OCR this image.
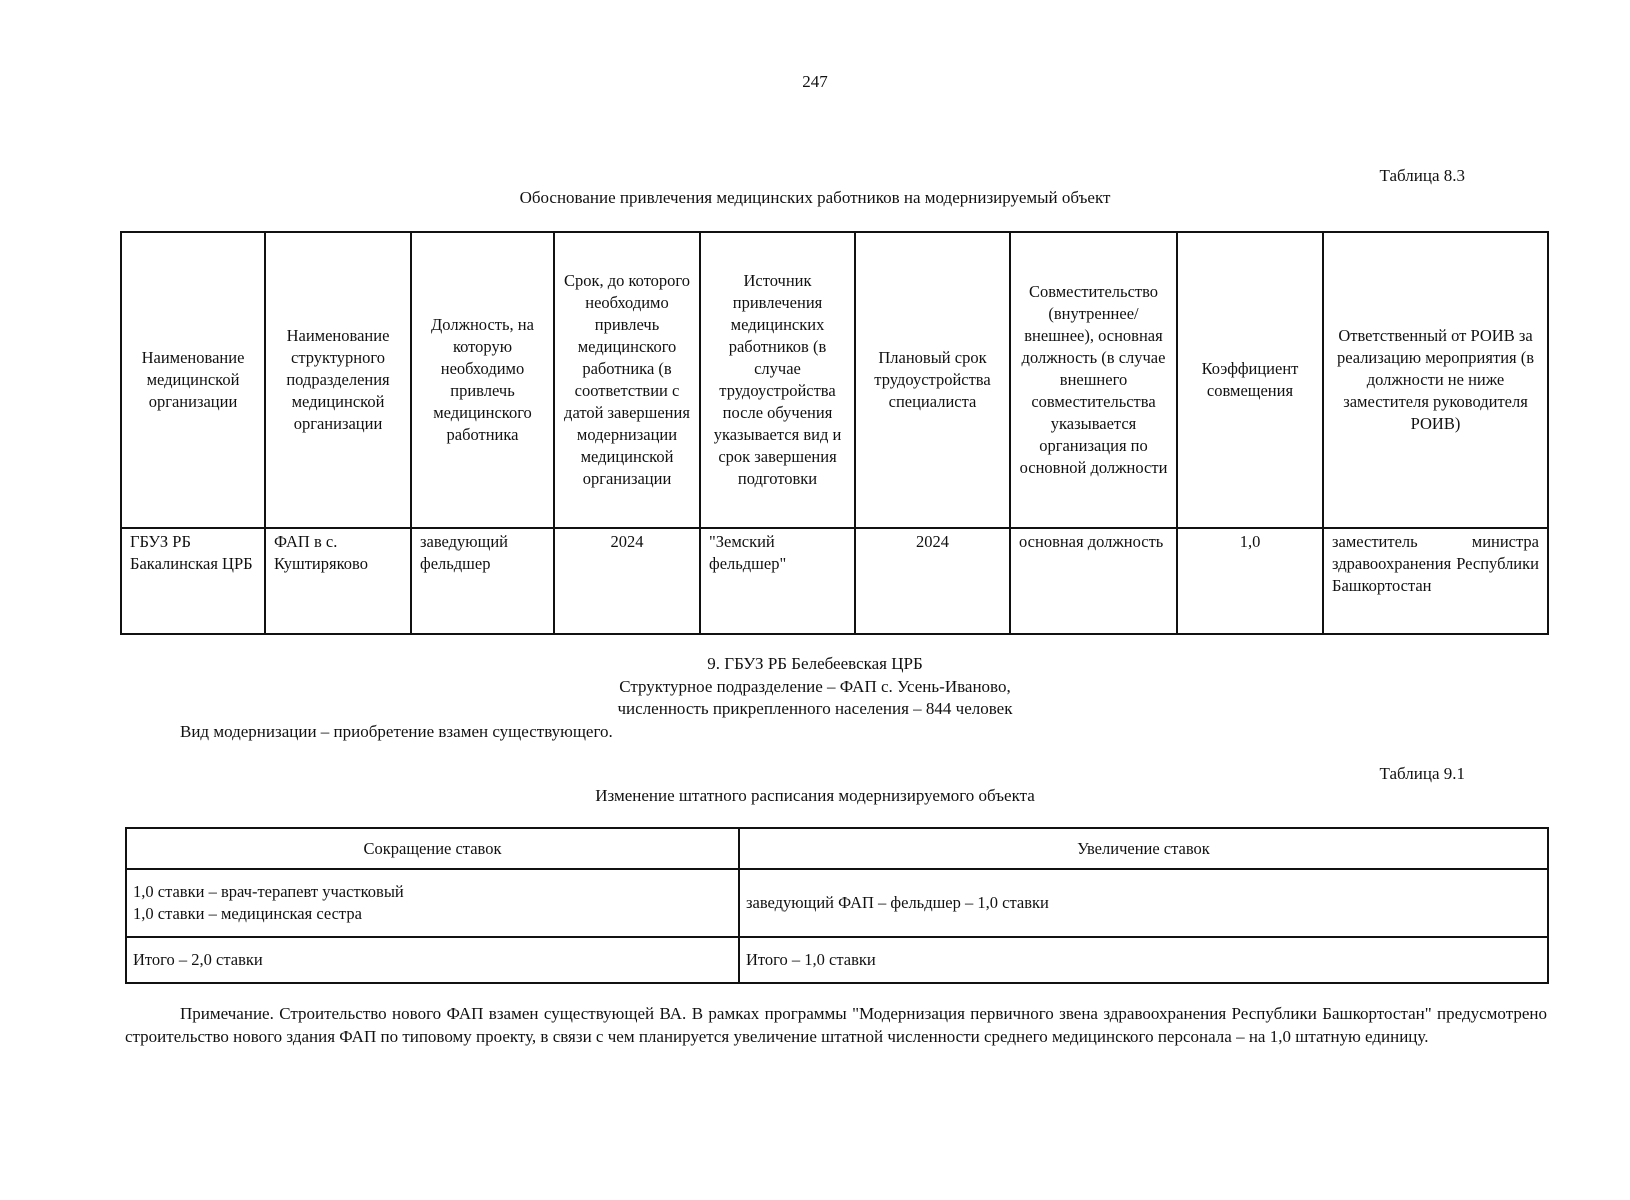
247
Таблица 8.3
Обоснование привлечения медицинских работников на модернизируемый объект
Наименование медицинской организации	Наименование структурного подразделения медицинской организации	Должность, на которую необходимо привлечь медицинского работника	Срок, до которого необходимо привлечь медицинского работника (в соответствии с датой завершения модернизации медицинской организации	Источник привлечения медицинских работников (в случае трудоустройства после обучения указывается вид и срок завершения подготовки	Плановый срок трудоустройства специалиста	Совместительство (внутреннее/ внешнее), основная должность (в случае внешнего совместительства указывается организация по основной должности	Коэффициент совмещения	Ответственный от РОИВ за реализацию мероприятия (в должности не ниже заместителя руководителя РОИВ)
ГБУЗ РБ Бакалинская ЦРБ	ФАП в с. Куштиряково	заведующий фельдшер	2024	"Земский фельдшер"	2024	основная должность	1,0	заместитель министра здравоохранения Республики Башкортостан
9. ГБУЗ РБ Белебеевская ЦРБ
Структурное подразделение – ФАП с. Усень-Иваново,
численность прикрепленного населения – 844 человек
Вид модернизации – приобретение взамен существующего.
Таблица 9.1
Изменение штатного расписания модернизируемого объекта
Сокращение ставок	Увеличение ставок

1,0 ставки – врач-терапевт участковый
1,0 ставки – медицинская сестра	заведующий ФАП – фельдшер – 1,0 ставки

Итого – 2,0 ставки	Итого – 1,0 ставки
Примечание. Строительство нового ФАП взамен существующей ВА. В рамках программы "Модернизация первичного звена здравоохранения Республики Башкортостан" предусмотрено строительство нового здания ФАП по типовому проекту, в связи с чем планируется увеличение штатной численности среднего медицинского персонала – на 1,0 штатную единицу.
